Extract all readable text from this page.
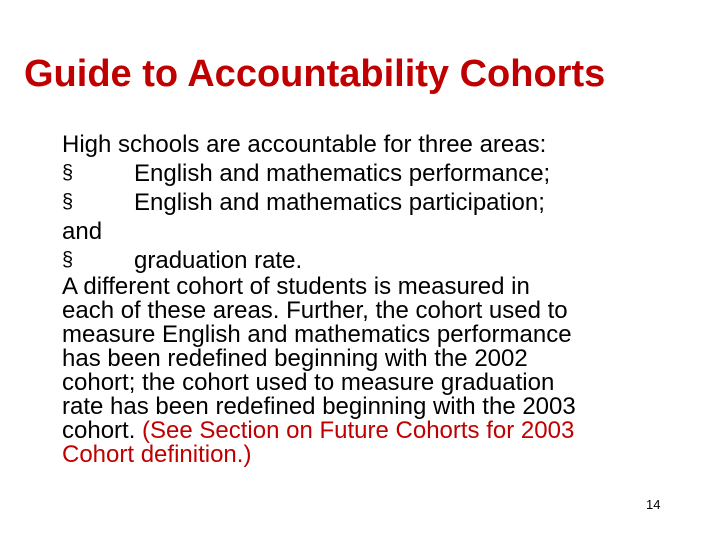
Guide to Accountability Cohorts
High schools are accountable for three areas:
§	English and mathematics performance;
§	English and mathematics participation;
and
§	graduation rate.
A different cohort of students is measured in
each of these areas. Further, the cohort used to
measure English and mathematics performance
has been redefined beginning with the 2002
cohort; the cohort used to measure graduation
rate has been redefined beginning with the 2003
cohort. (See Section on Future Cohorts for 2003
Cohort definition.)
14
